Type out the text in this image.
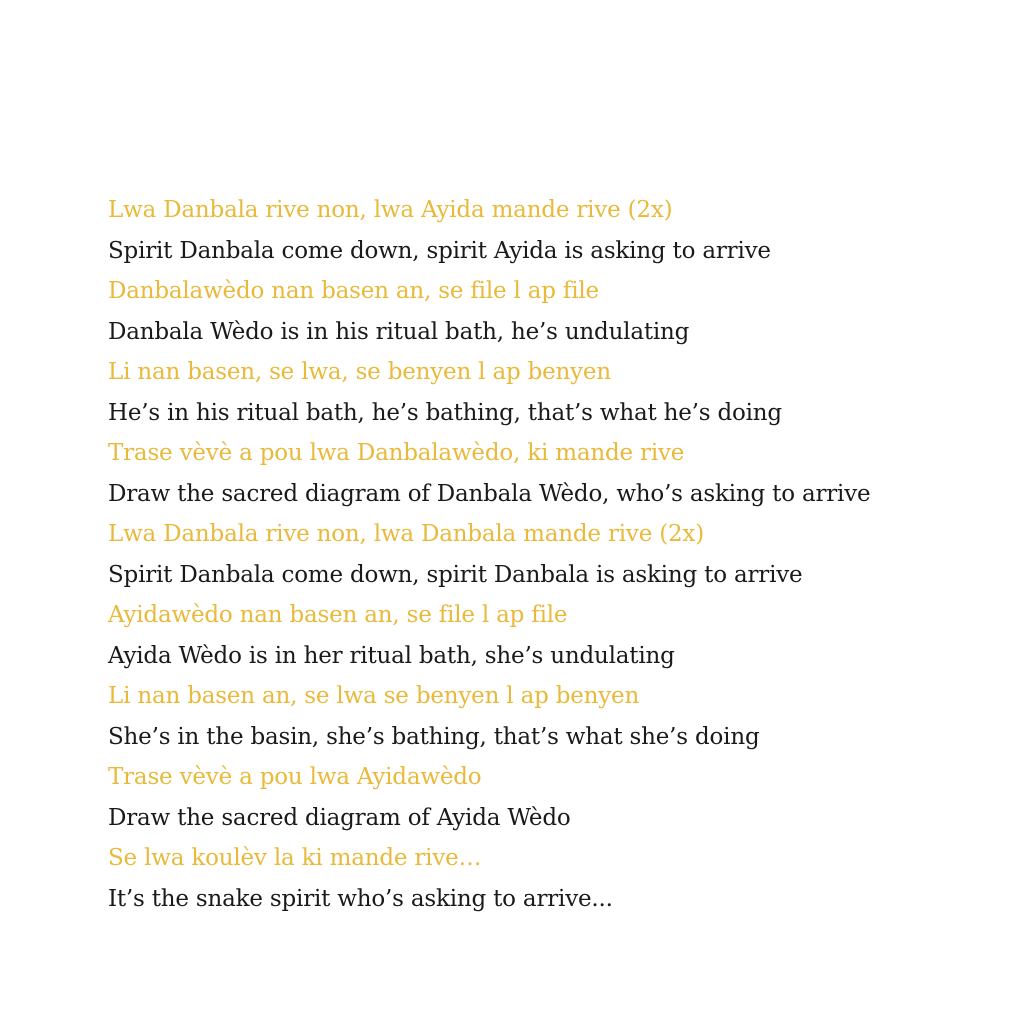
Lwa Danbala rive non, lwa Ayida mande rive (2x)
Spirit Danbala come down, spirit Ayida is asking to arrive
Danbalawèdo nan basen an, se file l ap file
Danbala Wèdo is in his ritual bath, he’s undulating
Li nan basen, se lwa, se benyen l ap benyen
He’s in his ritual bath, he’s bathing, that’s what he’s doing
Trase vèvè a pou lwa Danbalawèdo, ki mande rive
Draw the sacred diagram of Danbala Wèdo, who’s asking to arrive
Lwa Danbala rive non, lwa Danbala mande rive (2x)
Spirit Danbala come down, spirit Danbala is asking to arrive
Ayidawèdo nan basen an, se file l ap file
Ayida Wèdo is in her ritual bath, she’s undulating
Li nan basen an, se lwa se benyen l ap benyen
She’s in the basin, she’s bathing, that’s what she’s doing
Trase vèvè a pou lwa Ayidawèdo
Draw the sacred diagram of Ayida Wèdo
Se lwa koulèv la ki mande rive…
It’s the snake spirit who’s asking to arrive...
